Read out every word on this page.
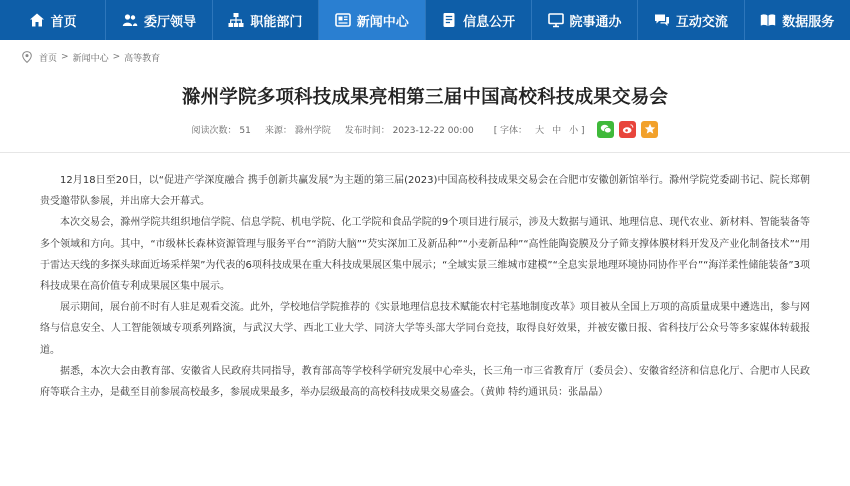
首页	委厅领导	职能部门	新闻中心	信息公开	院事通办	互动交流	数据服务
首页 > 新闻中心 > 高等教育
滁州学院多项科技成果亮相第三届中国高校科技成果交易会
阅读次数： 51 来源： 滁州学院 发布时间： 2023-12-22 00:00 [ 字体： 大 中 小 ]

12月18日至20日，以“促进产学深度融合 携手创新共赢发展”为主题的第三届(2023)中国高校科技成果交易会在合肥市安徽创新馆举行。滁州学院党委副书记、院长郑朝贵受邀带队参展，并出席大会开幕式。

本次交易会，滁州学院共组织地信学院、信息学院、机电学院、化工学院和食品学院的9个项目进行展示，涉及大数据与通讯、地理信息、现代农业、新材料、智能装备等多个领域和方向。其中，“市级林长森林资源管理与服务平台”“消防大脑”“芡实深加工及新品种”“小麦新品种”“高性能陶瓷膜及分子筛支撑体膜材料开发及产业化制备技术”“用于雷达天线的多探头球面近场采样架”为代表的6项科技成果在重大科技成果展区集中展示；“全域实景三维城市建模”“全息实景地理环境协同协作平台”“海洋柔性储能装备”3项科技成果在高价值专利成果展区集中展示。

展示期间，展台前不时有人驻足观看交流。此外，学校地信学院推荐的《实景地理信息技术赋能农村宅基地制度改革》项目被从全国上万项的高质量成果中遴选出，参与网络与信息安全、人工智能领域专项系列路演，与武汉大学、西北工业大学、同济大学等头部大学同台竞技，取得良好效果，并被安徽日报、省科技厅公众号等多家媒体转载报道。

据悉，本次大会由教育部、安徽省人民政府共同指导，教育部高等学校科学研究发展中心牵头，长三角一市三省教育厅（委员会）、安徽省经济和信息化厅、合肥市人民政府等联合主办，是截至目前参展高校最多，参展成果最多，举办层级最高的高校科技成果交易盛会。（黄帅 特约通讯员：张晶晶）
